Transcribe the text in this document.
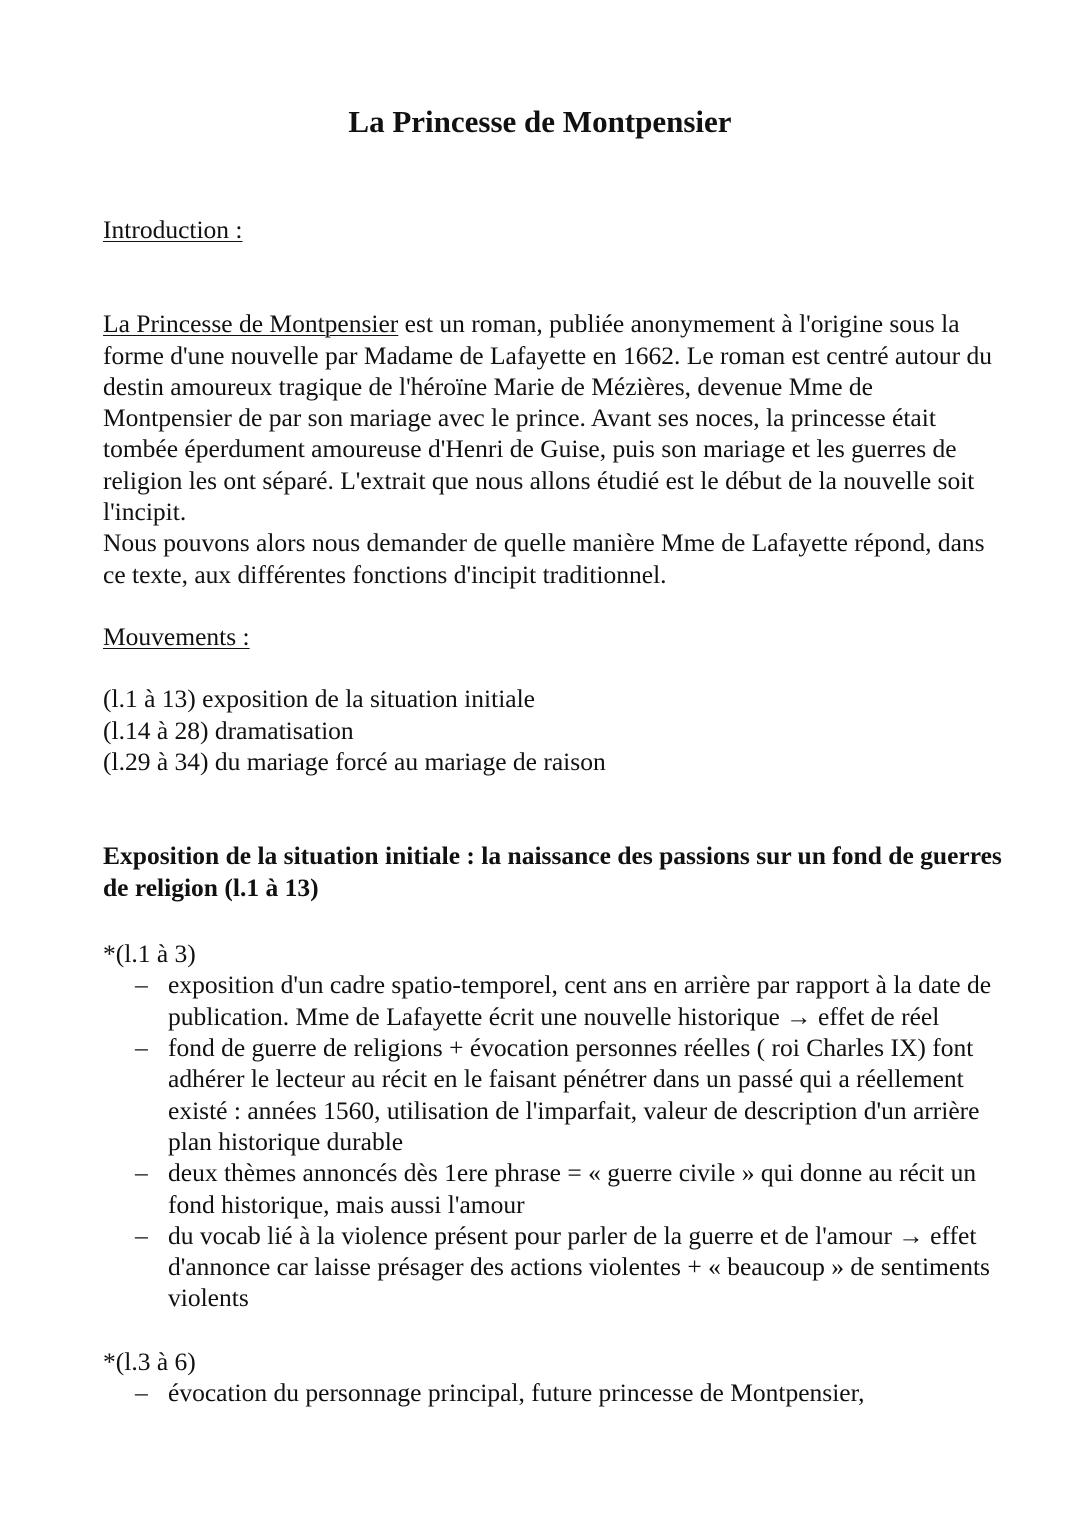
La Princesse de Montpensier

Introduction :

La Princesse de Montpensier est un roman, publiée anonymement à l'origine sous la forme d'une nouvelle par Madame de Lafayette en 1662. Le roman est centré autour du destin amoureux tragique de l'héroïne Marie de Mézières, devenue Mme de Montpensier de par son mariage avec le prince. Avant ses noces, la princesse était tombée éperdument amoureuse d'Henri de Guise, puis son mariage et les guerres de religion les ont séparé. L'extrait que nous allons étudié est le début de la nouvelle soit l'incipit.

Nous pouvons alors nous demander de quelle manière Mme de Lafayette répond, dans ce texte, aux différentes fonctions d'incipit traditionnel.

Mouvements :

(l.1 à 13) exposition de la situation initiale

(l.14 à 28) dramatisation

(l.29 à 34) du mariage forcé au mariage de raison

Exposition de la situation initiale : la naissance des passions sur un fond de guerres de religion (l.1 à 13)

*(l.1 à 3)

– exposition d'un cadre spatio-temporel, cent ans en arrière par rapport à la date de publication. Mme de Lafayette écrit une nouvelle historique → effet de réel
– fond de guerre de religions + évocation personnes réelles ( roi Charles IX) font adhérer le lecteur au récit en le faisant pénétrer dans un passé qui a réellement existé : années 1560, utilisation de l'imparfait, valeur de description d'un arrière plan historique durable
– deux thèmes annoncés dès 1ere phrase = « guerre civile » qui donne au récit un fond historique, mais aussi l'amour
– du vocab lié à la violence présent pour parler de la guerre et de l'amour → effet d'annonce car laisse présager des actions violentes + « beaucoup » de sentiments violents

*(l.3 à 6)

– évocation du personnage principal, future princesse de Montpensier,
